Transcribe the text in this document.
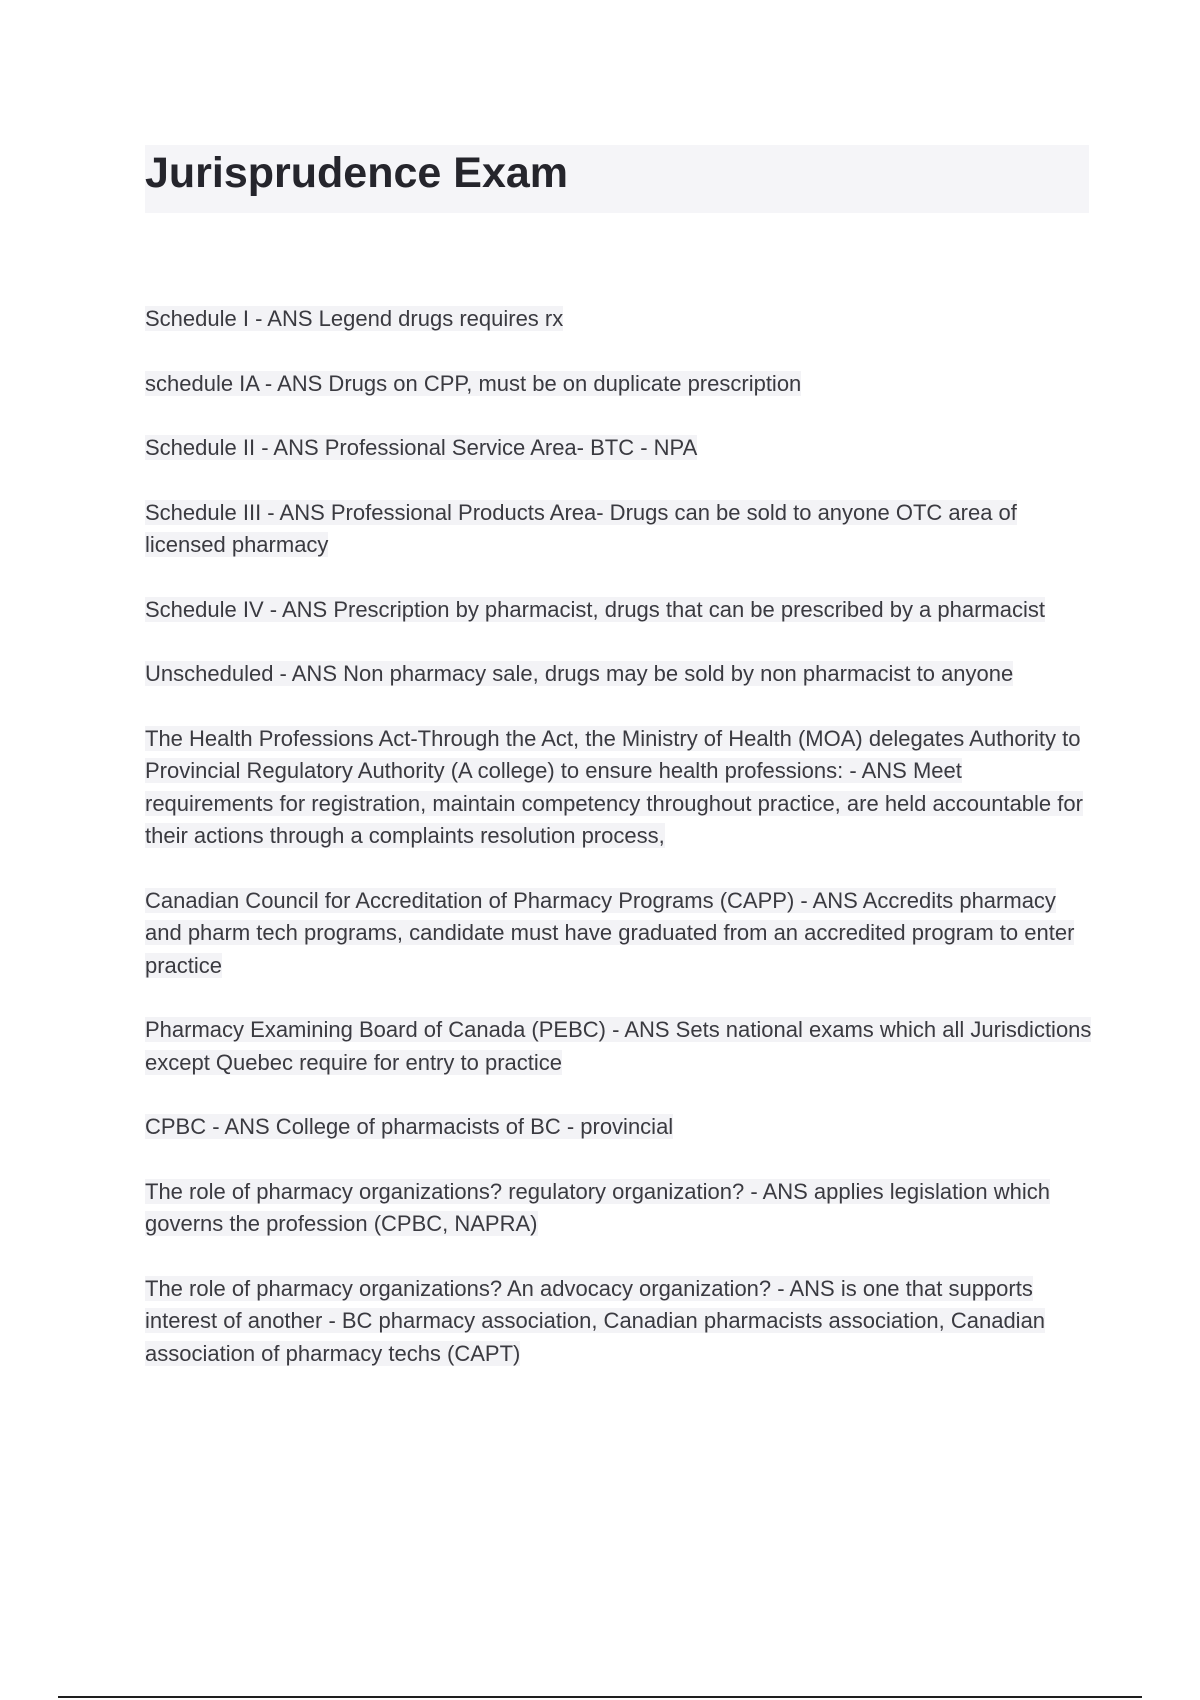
Jurisprudence Exam
Schedule I - ANS Legend drugs requires rx
schedule IA - ANS Drugs on CPP, must be on duplicate prescription
Schedule II - ANS Professional Service Area- BTC - NPA
Schedule III - ANS Professional Products Area- Drugs can be sold to anyone OTC area of licensed pharmacy
Schedule IV - ANS Prescription by pharmacist, drugs that can be prescribed by a pharmacist
Unscheduled - ANS Non pharmacy sale, drugs may be sold by non pharmacist to anyone
The Health Professions Act-Through the Act, the Ministry of Health (MOA) delegates Authority to Provincial Regulatory Authority (A college) to ensure health professions: - ANS Meet requirements for registration, maintain competency throughout practice, are held accountable for their actions through a complaints resolution process,
Canadian Council for Accreditation of Pharmacy Programs (CAPP) - ANS Accredits pharmacy and pharm tech programs, candidate must have graduated from an accredited program to enter practice
Pharmacy Examining Board of Canada (PEBC) - ANS Sets national exams which all Jurisdictions except Quebec require for entry to practice
CPBC - ANS College of pharmacists of BC - provincial
The role of pharmacy organizations? regulatory organization? - ANS applies legislation which governs the profession (CPBC, NAPRA)
The role of pharmacy organizations? An advocacy organization? - ANS is one that supports interest of another - BC pharmacy association, Canadian pharmacists association, Canadian association of pharmacy techs (CAPT)
